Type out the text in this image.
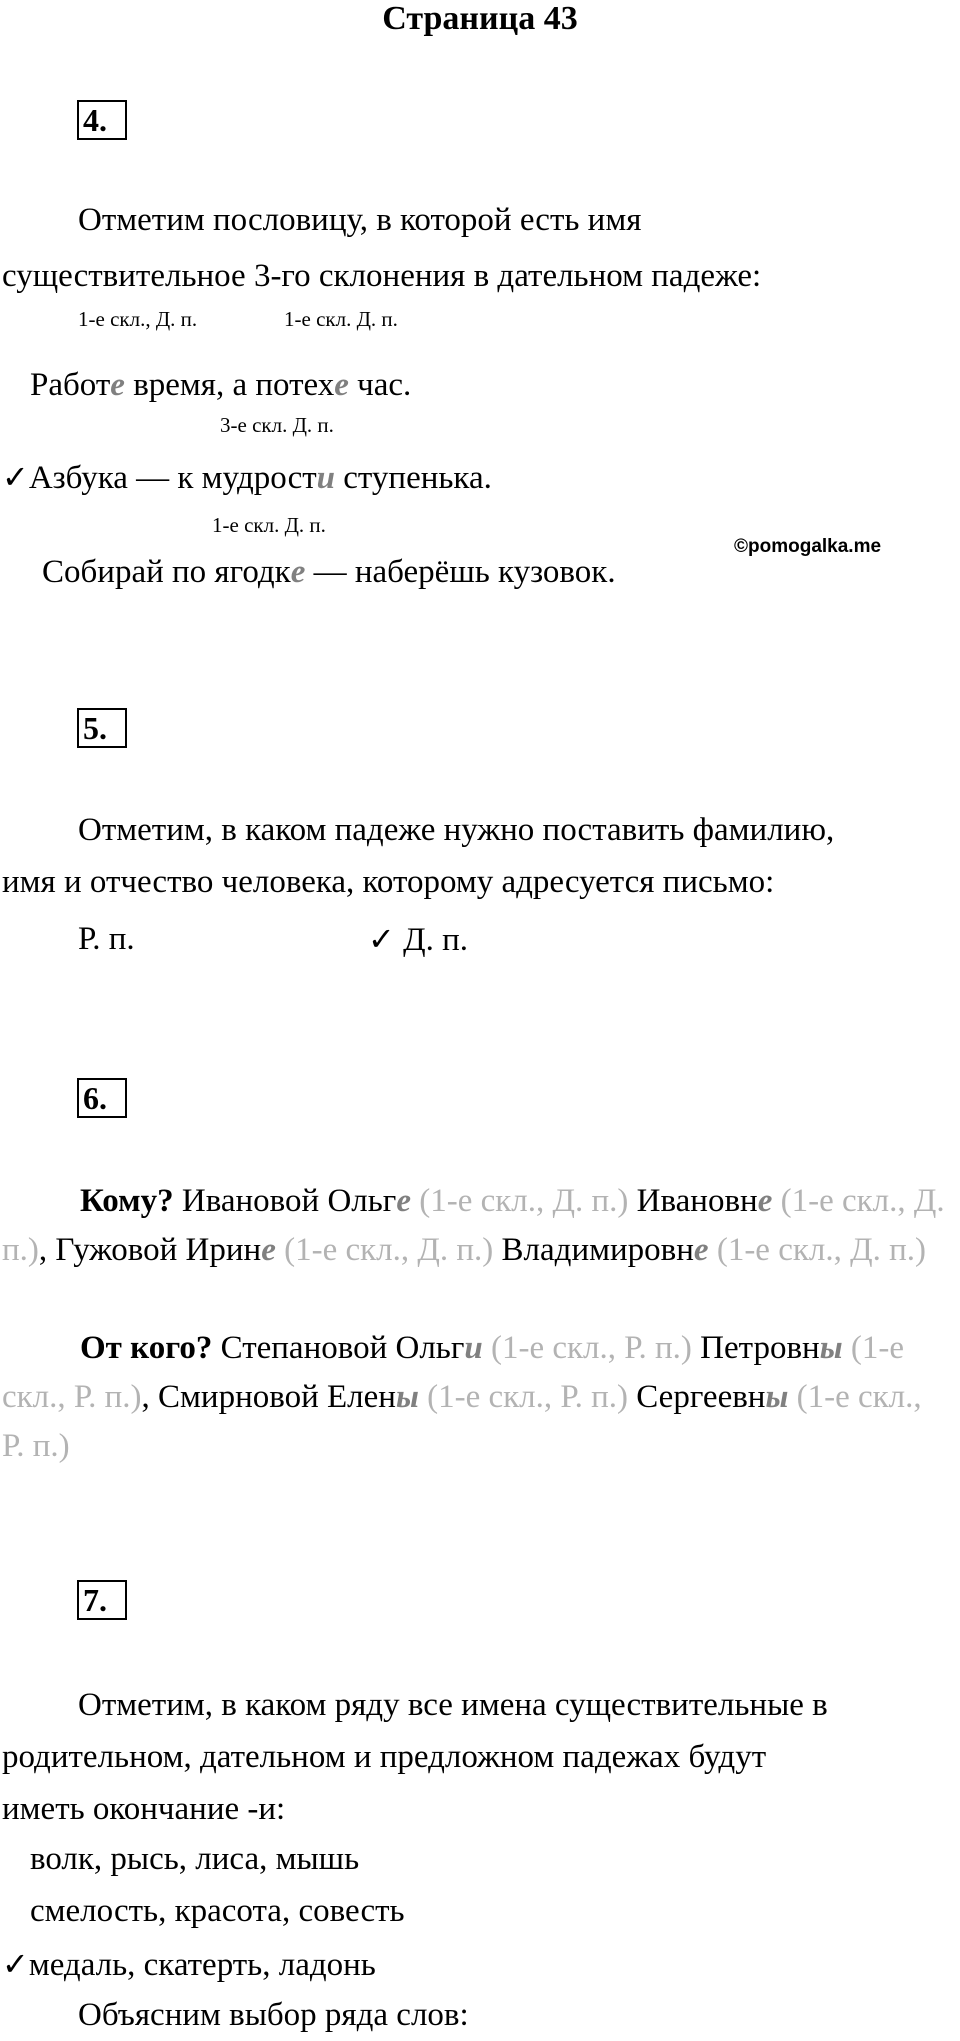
Страница 43
4.
Отметим пословицу, в которой есть имя
существительное 3-го склонения в дательном падеже:
1-е скл., Д. п.	1-е скл. Д. п.
Работе время, а потехе час.
3-е скл. Д. п.
✓Азбука — к мудрости ступенька.
1-е скл. Д. п.
©pomogalka.me
Собирай по ягодке — наберёшь кузовок.
5.
Отметим, в каком падеже нужно поставить фамилию,
имя и отчество человека, которому адресуется письмо:
Р. п.	✓ Д. п.
6.
Кому? Ивановой Ольге (1-е скл., Д. п.) Ивановне (1-е скл., Д. п.), Гужовой Ирине (1-е скл., Д. п.) Владимировне (1-е скл., Д. п.)
От кого? Степановой Ольги (1-е скл., Р. п.) Петровны (1-е скл., Р. п.), Смирновой Елены (1-е скл., Р. п.) Сергеевны (1-е скл., Р. п.)
7.
Отметим, в каком ряду все имена существительные в
родительном, дательном и предложном падежах будут
иметь окончание -и:
волк, рысь, лиса, мышь
смелость, красота, совесть
✓медаль, скатерть, ладонь
Объясним выбор ряда слов:
